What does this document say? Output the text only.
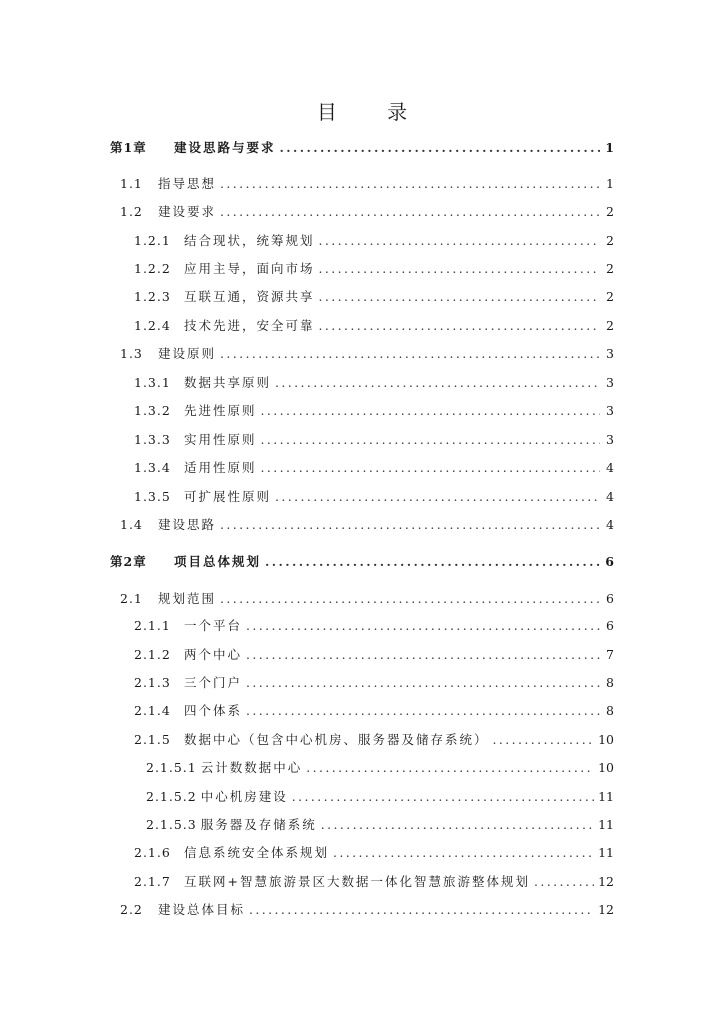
目 录
第1章	建设思路与要求 .....	1
1.1	指导思想 .....	1
1.2	建设要求 .....	2
1.2.1	结合现状，统筹规划 .....	2
1.2.2	应用主导，面向市场 .....	2
1.2.3	互联互通，资源共享 .....	2
1.2.4	技术先进，安全可靠 .....	2
1.3	建设原则 .....	3
1.3.1	数据共享原则 .....	3
1.3.2	先进性原则 .....	3
1.3.3	实用性原则 .....	3
1.3.4	适用性原则 .....	4
1.3.5	可扩展性原则 .....	4
1.4	建设思路 .....	4
第2章	项目总体规划 .....	6
2.1	规划范围 .....	6
2.1.1	一个平台 .....	6
2.1.2	两个中心 .....	7
2.1.3	三个门户 .....	8
2.1.4	四个体系 .....	8
2.1.5	数据中心（包含中心机房、服务器及储存系统） .....	10
2.1.5.1 云计数数据中心 .....	10
2.1.5.2 中心机房建设 .....	11
2.1.5.3 服务器及存储系统 .....	11
2.1.6	信息系统安全体系规划 .....	11
2.1.7	互联网+智慧旅游景区大数据一体化智慧旅游整体规划 .....	12
2.2	建设总体目标 .....	12
